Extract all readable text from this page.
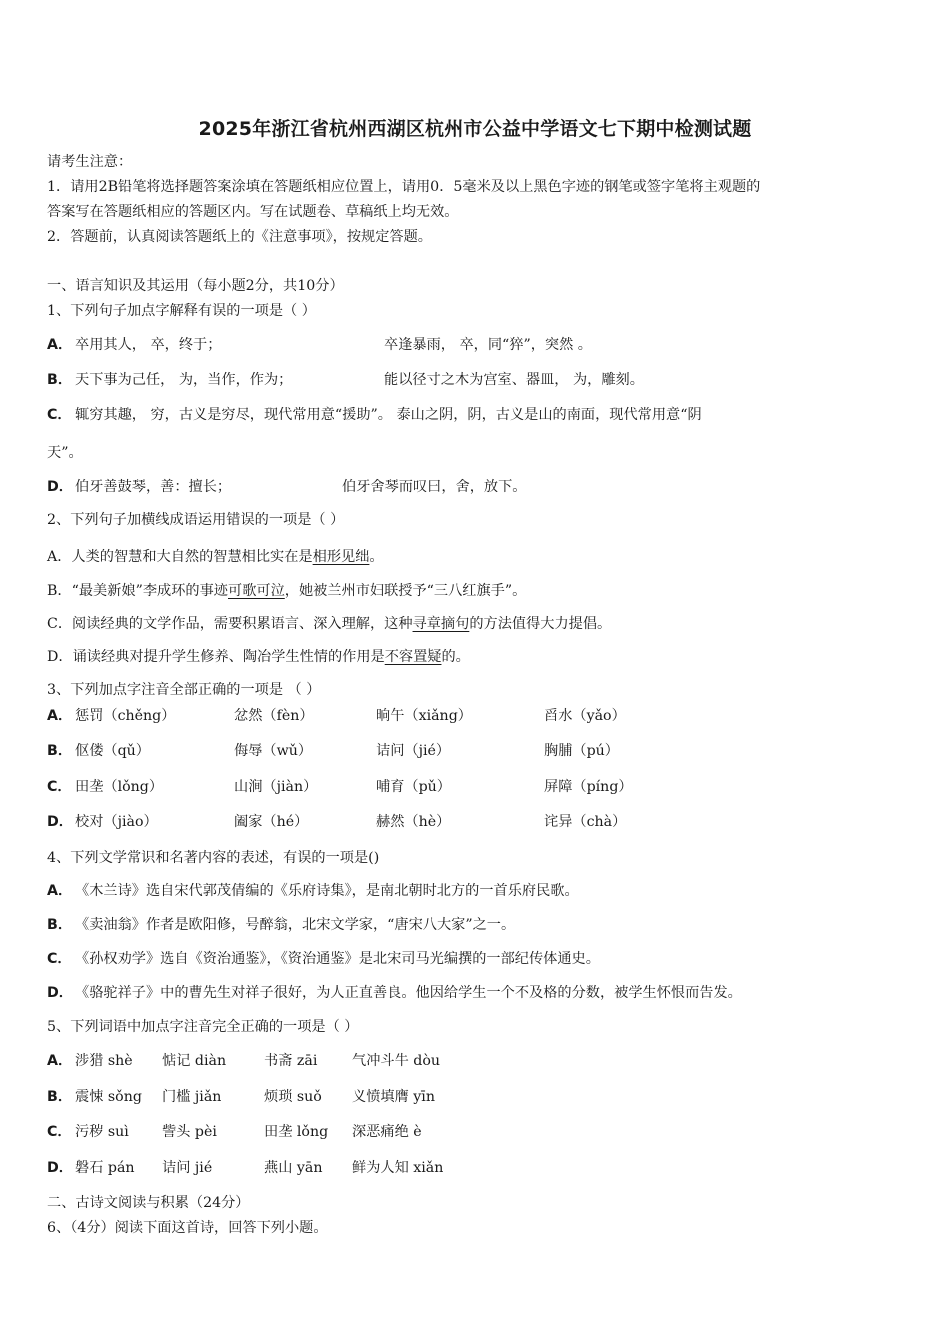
2025年浙江省杭州西湖区杭州市公益中学语文七下期中检测试题
请考生注意：
1．请用2B铅笔将选择题答案涂填在答题纸相应位置上，请用0．5毫米及以上黑色字迹的钢笔或签字笔将主观题的
答案写在答题纸相应的答题区内。写在试题卷、草稿纸上均无效。
2．答题前，认真阅读答题纸上的《注意事项》，按规定答题。
一、语言知识及其运用（每小题2分，共10分）
1、下列句子加点字解释有误的一项是（ ）
A． 卒用其人， 卒，终于；	卒逢暴雨， 卒，同“猝”，突然 。
B． 天下事为己任， 为，当作，作为；	能以径寸之木为宫室、器皿， 为，雕刻。
C． 辄穷其趣， 穷，古义是穷尽，现代常用意“援助”。 泰山之阴，阴，古义是山的南面，现代常用意“阴
天”。
D． 伯牙善鼓琴，善：擅长；	伯牙舍琴而叹曰，舍，放下。
2、下列句子加横线成语运用错误的一项是（ ）
A．人类的智慧和大自然的智慧相比实在是相形见绌。
B．“最美新娘”李成环的事迹可歌可泣，她被兰州市妇联授予“三八红旗手”。
C．阅读经典的文学作品，需要积累语言、深入理解，这种寻章摘句的方法值得大力提倡。
D．诵读经典对提升学生修养、陶冶学生性情的作用是不容置疑的。
3、下列加点字注音全部正确的一项是 （ ）
A． 惩罚（chěng）	忿然（fèn）	晌午（xiǎng）	舀水（yǎo）
B． 伛偻（qǔ）	侮辱（wǔ）	诘问（jié）	胸脯（pú）
C． 田垄（lǒng）	山涧（jiàn）	哺育（pǔ）	屏障（píng）
D． 校对（jiào）	阖家（hé）	赫然（hè）	诧异（chà）
4、下列文学常识和名著内容的表述，有误的一项是()
A． 《木兰诗》选自宋代郭茂倩编的《乐府诗集》，是南北朝时北方的一首乐府民歌。
B． 《卖油翁》作者是欧阳修，号醉翁，北宋文学家，“唐宋八大家”之一。
C． 《孙权劝学》选自《资治通鉴》，《资治通鉴》是北宋司马光编撰的一部纪传体通史。
D． 《骆驼祥子》中的曹先生对祥子很好，为人正直善良。他因给学生一个不及格的分数，被学生怀恨而告发。
5、下列词语中加点字注音完全正确的一项是（ ）
A． 涉猎 shè 惦记 diàn	书斋 zāi 气冲斗牛 dòu
B． 震悚 sǒng 门槛 jiǎn	烦琐 suǒ 义愤填膺 yīn
C． 污秽 suì 訾头 pèi	田垄 lǒng 深恶痛绝 è
D． 磐石 pán 诘问 jié	燕山 yān 鲜为人知 xiǎn
二、古诗文阅读与积累（24分）
6、（4分）阅读下面这首诗，回答下列小题。
